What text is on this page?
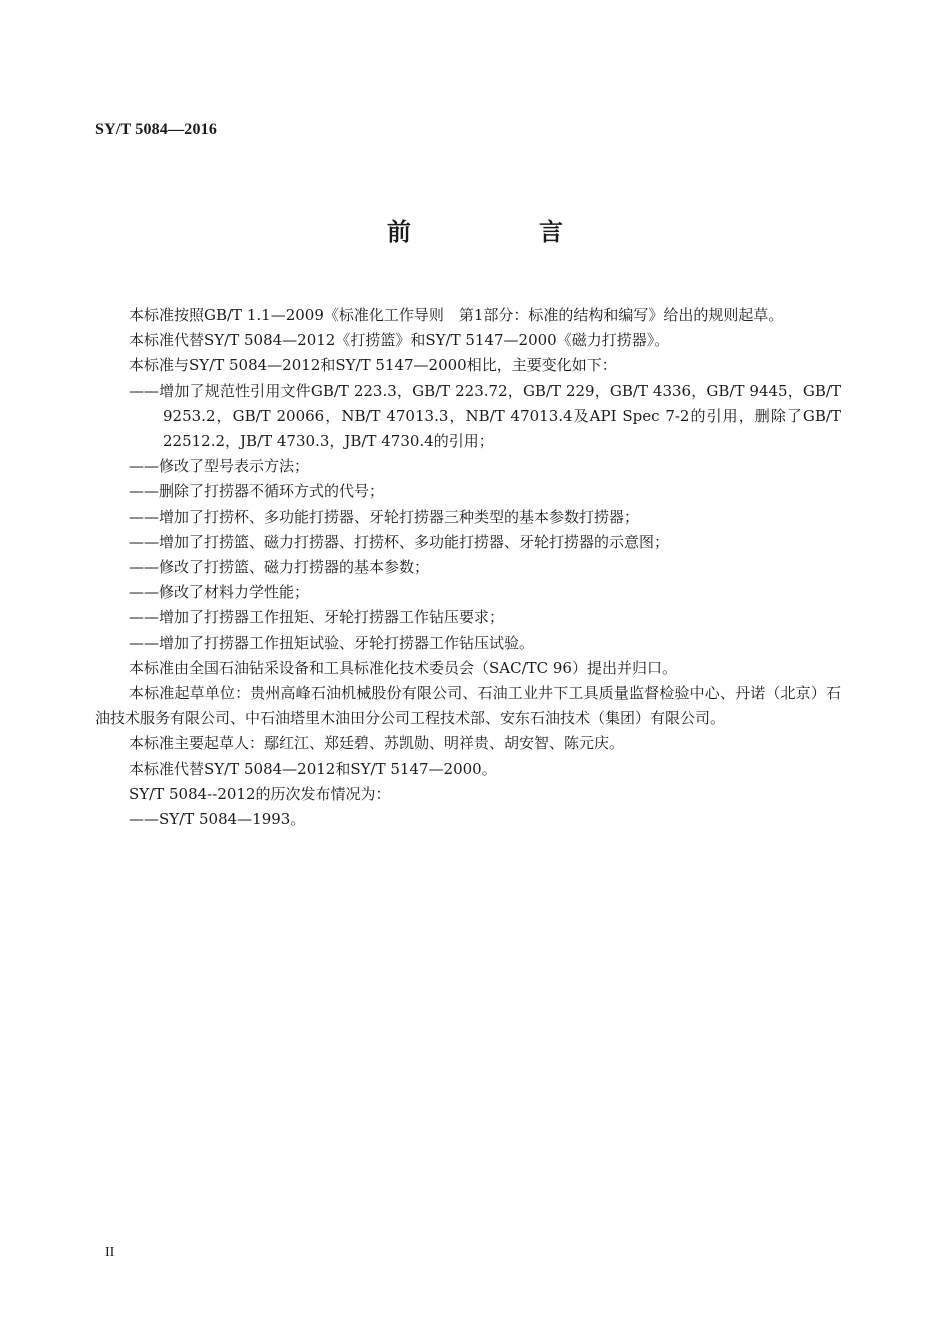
SY/T 5084—2016
前　言

本标准按照GB/T 1.1—2009《标准化工作导则　第1部分：标准的结构和编写》给出的规则起草。

本标准代替SY/T 5084—2012《打捞篮》和SY/T 5147—2000《磁力打捞器》。

本标准与SY/T 5084—2012和SY/T 5147—2000相比，主要变化如下：

——增加了规范性引用文件GB/T 223.3，GB/T 223.72，GB/T 229，GB/T 4336，GB/T 9445，GB/T 9253.2，GB/T 20066，NB/T 47013.3，NB/T 47013.4及API Spec 7-2的引用，删除了GB/T 22512.2，JB/T 4730.3，JB/T 4730.4的引用；

——修改了型号表示方法；

——删除了打捞器不循环方式的代号；

——增加了打捞杯、多功能打捞器、牙轮打捞器三种类型的基本参数打捞器；

——增加了打捞篮、磁力打捞器、打捞杯、多功能打捞器、牙轮打捞器的示意图；

——修改了打捞篮、磁力打捞器的基本参数；

——修改了材料力学性能；

——增加了打捞器工作扭矩、牙轮打捞器工作钻压要求；

——增加了打捞器工作扭矩试验、牙轮打捞器工作钻压试验。

本标准由全国石油钻采设备和工具标准化技术委员会（SAC/TC 96）提出并归口。

本标准起草单位：贵州高峰石油机械股份有限公司、石油工业井下工具质量监督检验中心、丹诺（北京）石油技术服务有限公司、中石油塔里木油田分公司工程技术部、安东石油技术（集团）有限公司。

本标准主要起草人：鄢红江、郑廷碧、苏凯勋、明祥贵、胡安智、陈元庆。

本标准代替SY/T 5084—2012和SY/T 5147—2000。

SY/T 5084--2012的历次发布情况为：

——SY/T 5084—1993。

II
